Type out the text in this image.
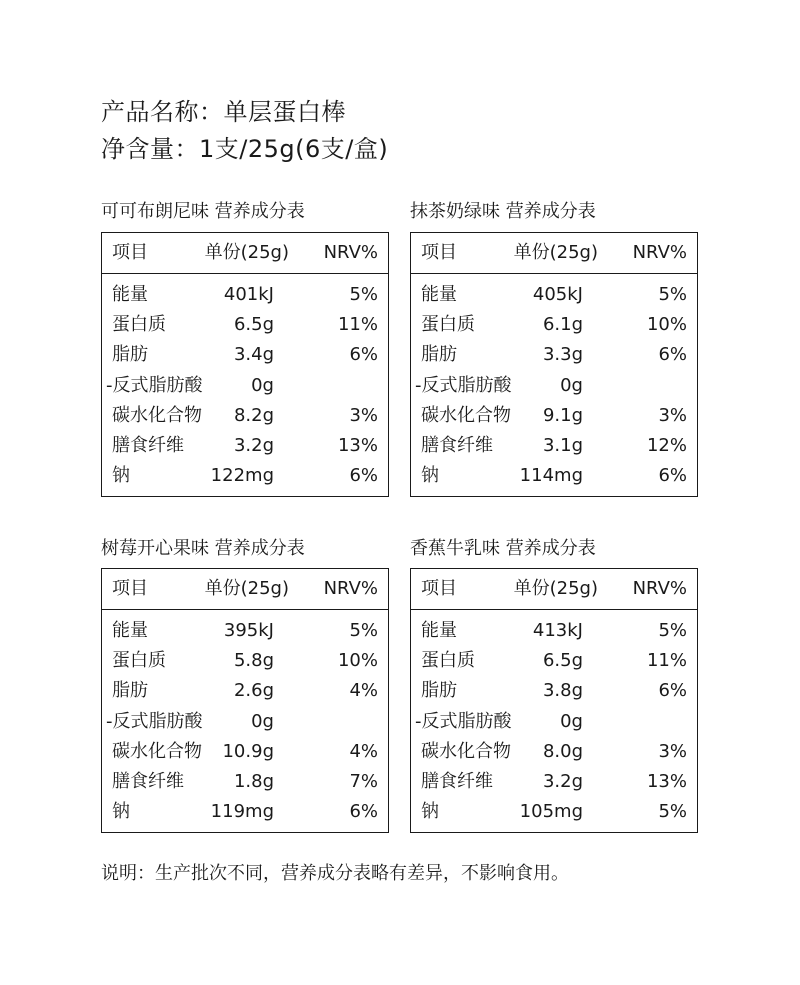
产品名称：单层蛋白棒
净含量：1支/25g(6支/盒)
可可布朗尼味 营养成分表
项目	单份(25g) NRV%
能量	401kJ	5%
蛋白质	6.5g	11%
脂肪	3.4g	6%
-反式脂肪酸	0g
碳水化合物 8.2g	3%
膳食纤维	3.2g	13%
钠	122mg	6%
抹茶奶绿味 营养成分表
项目	单份(25g) NRV%
能量	405kJ	5%
蛋白质	6.1g	10%
脂肪	3.3g	6%
-反式脂肪酸	0g
碳水化合物 9.1g	3%
膳食纤维	3.1g	12%
钠	114mg	6%
树莓开心果味 营养成分表
项目	单份(25g) NRV%
能量	395kJ	5%
蛋白质	5.8g	10%
脂肪	2.6g	4%
-反式脂肪酸	0g
碳水化合物 10.9g	4%
膳食纤维	1.8g	7%
钠	119mg	6%
香蕉牛乳味 营养成分表
项目	单份(25g) NRV%
能量	413kJ	5%
蛋白质	6.5g	11%
脂肪	3.8g	6%
-反式脂肪酸	0g
碳水化合物 8.0g	3%
膳食纤维	3.2g	13%
钠	105mg	5%
说明：生产批次不同，营养成分表略有差异，不影响食用。
